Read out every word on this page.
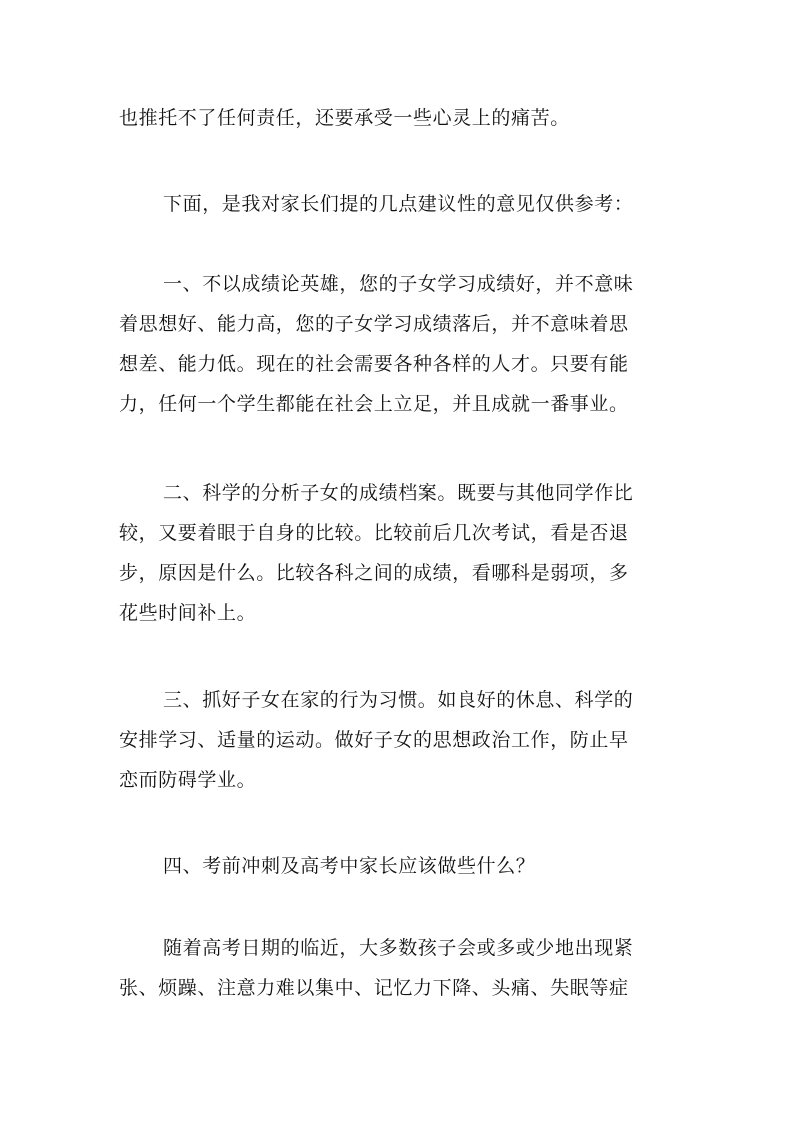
也推托不了任何责任，还要承受一些心灵上的痛苦。
下面，是我对家长们提的几点建议性的意见仅供参考：
一、不以成绩论英雄，您的子女学习成绩好，并不意味
着思想好、能力高，您的子女学习成绩落后，并不意味着思
想差、能力低。现在的社会需要各种各样的人才。只要有能
力，任何一个学生都能在社会上立足，并且成就一番事业。
二、科学的分析子女的成绩档案。既要与其他同学作比
较，又要着眼于自身的比较。比较前后几次考试，看是否退
步，原因是什么。比较各科之间的成绩，看哪科是弱项，多
花些时间补上。
三、抓好子女在家的行为习惯。如良好的休息、科学的
安排学习、适量的运动。做好子女的思想政治工作，防止早
恋而防碍学业。
四、考前冲刺及高考中家长应该做些什么？
随着高考日期的临近，大多数孩子会或多或少地出现紧
张、烦躁、注意力难以集中、记忆力下降、头痛、失眠等症
